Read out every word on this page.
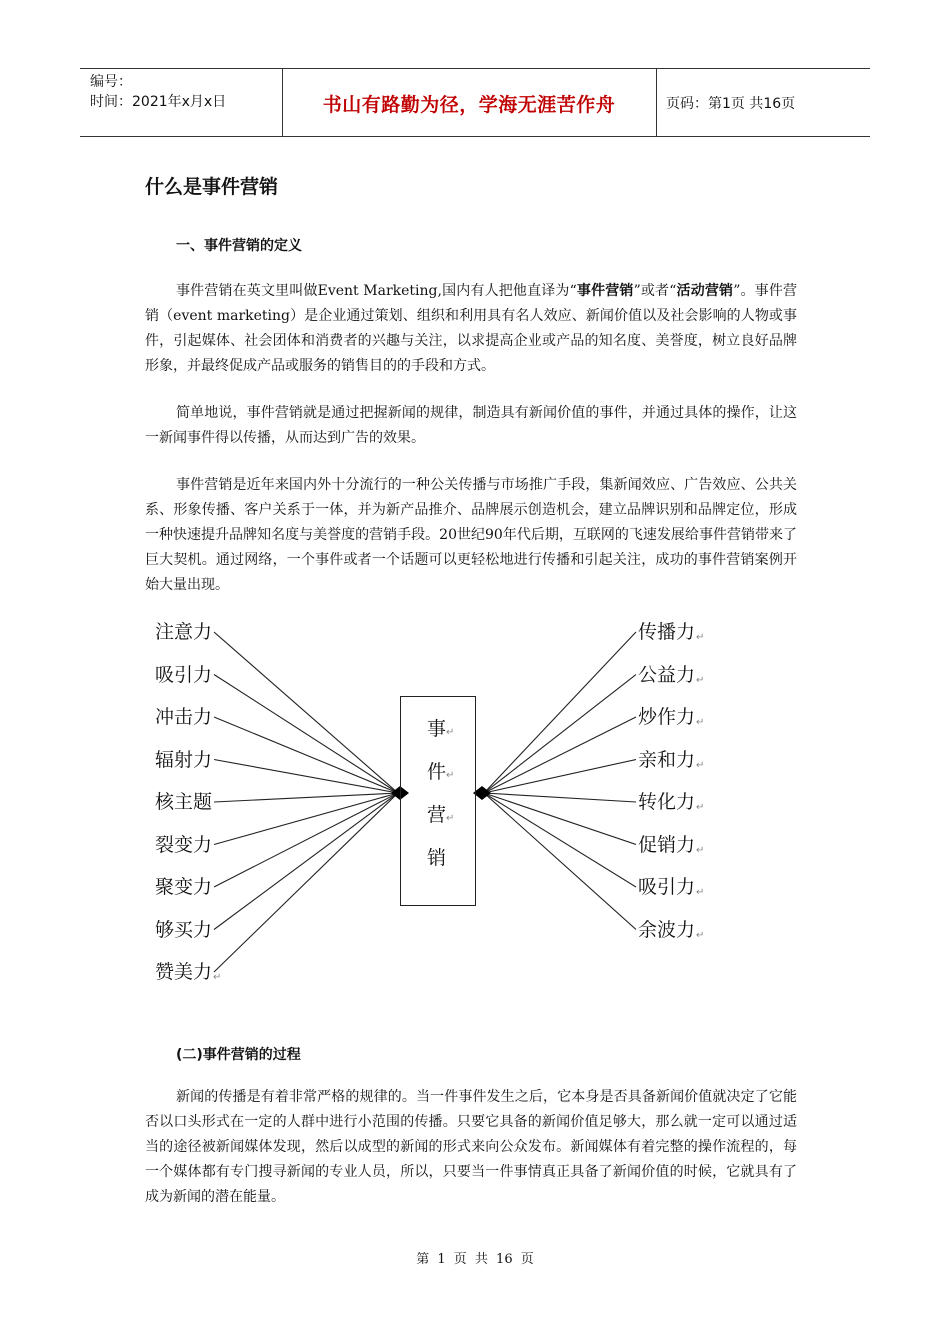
编号：
时间：2021年x月x日	书山有路勤为径，学海无涯苦作舟	页码：第1页 共16页
什么是事件营销
一、事件营销的定义
事件营销在英文里叫做Event Marketing,国内有人把他直译为“事件营销”或者“活动营销”。事件营销（event marketing）是企业通过策划、组织和利用具有名人效应、新闻价值以及社会影响的人物或事件，引起媒体、社会团体和消费者的兴趣与关注，以求提高企业或产品的知名度、美誉度，树立良好品牌形象，并最终促成产品或服务的销售目的的手段和方式。
简单地说，事件营销就是通过把握新闻的规律，制造具有新闻价值的事件，并通过具体的操作，让这一新闻事件得以传播，从而达到广告的效果。
事件营销是近年来国内外十分流行的一种公关传播与市场推广手段，集新闻效应、广告效应、公共关系、形象传播、客户关系于一体，并为新产品推介、品牌展示创造机会，建立品牌识别和品牌定位，形成一种快速提升品牌知名度与美誉度的营销手段。20世纪90年代后期，互联网的飞速发展给事件营销带来了巨大契机。通过网络，一个事件或者一个话题可以更轻松地进行传播和引起关注，成功的事件营销案例开始大量出现。
事↵
件↵
营↵
销
注意力
吸引力
冲击力
辐射力
核主题
裂变力
聚变力
够买力
赞美力↵
传播力↵
公益力↵
炒作力↵
亲和力↵
转化力↵
促销力↵
吸引力↵
余波力↵
(二)事件营销的过程
新闻的传播是有着非常严格的规律的。当一件事件发生之后，它本身是否具备新闻价值就决定了它能否以口头形式在一定的人群中进行小范围的传播。只要它具备的新闻价值足够大，那么就一定可以通过适当的途径被新闻媒体发现，然后以成型的新闻的形式来向公众发布。新闻媒体有着完整的操作流程的，每一个媒体都有专门搜寻新闻的专业人员，所以，只要当一件事情真正具备了新闻价值的时候，它就具有了成为新闻的潜在能量。
第 1 页 共 16 页
